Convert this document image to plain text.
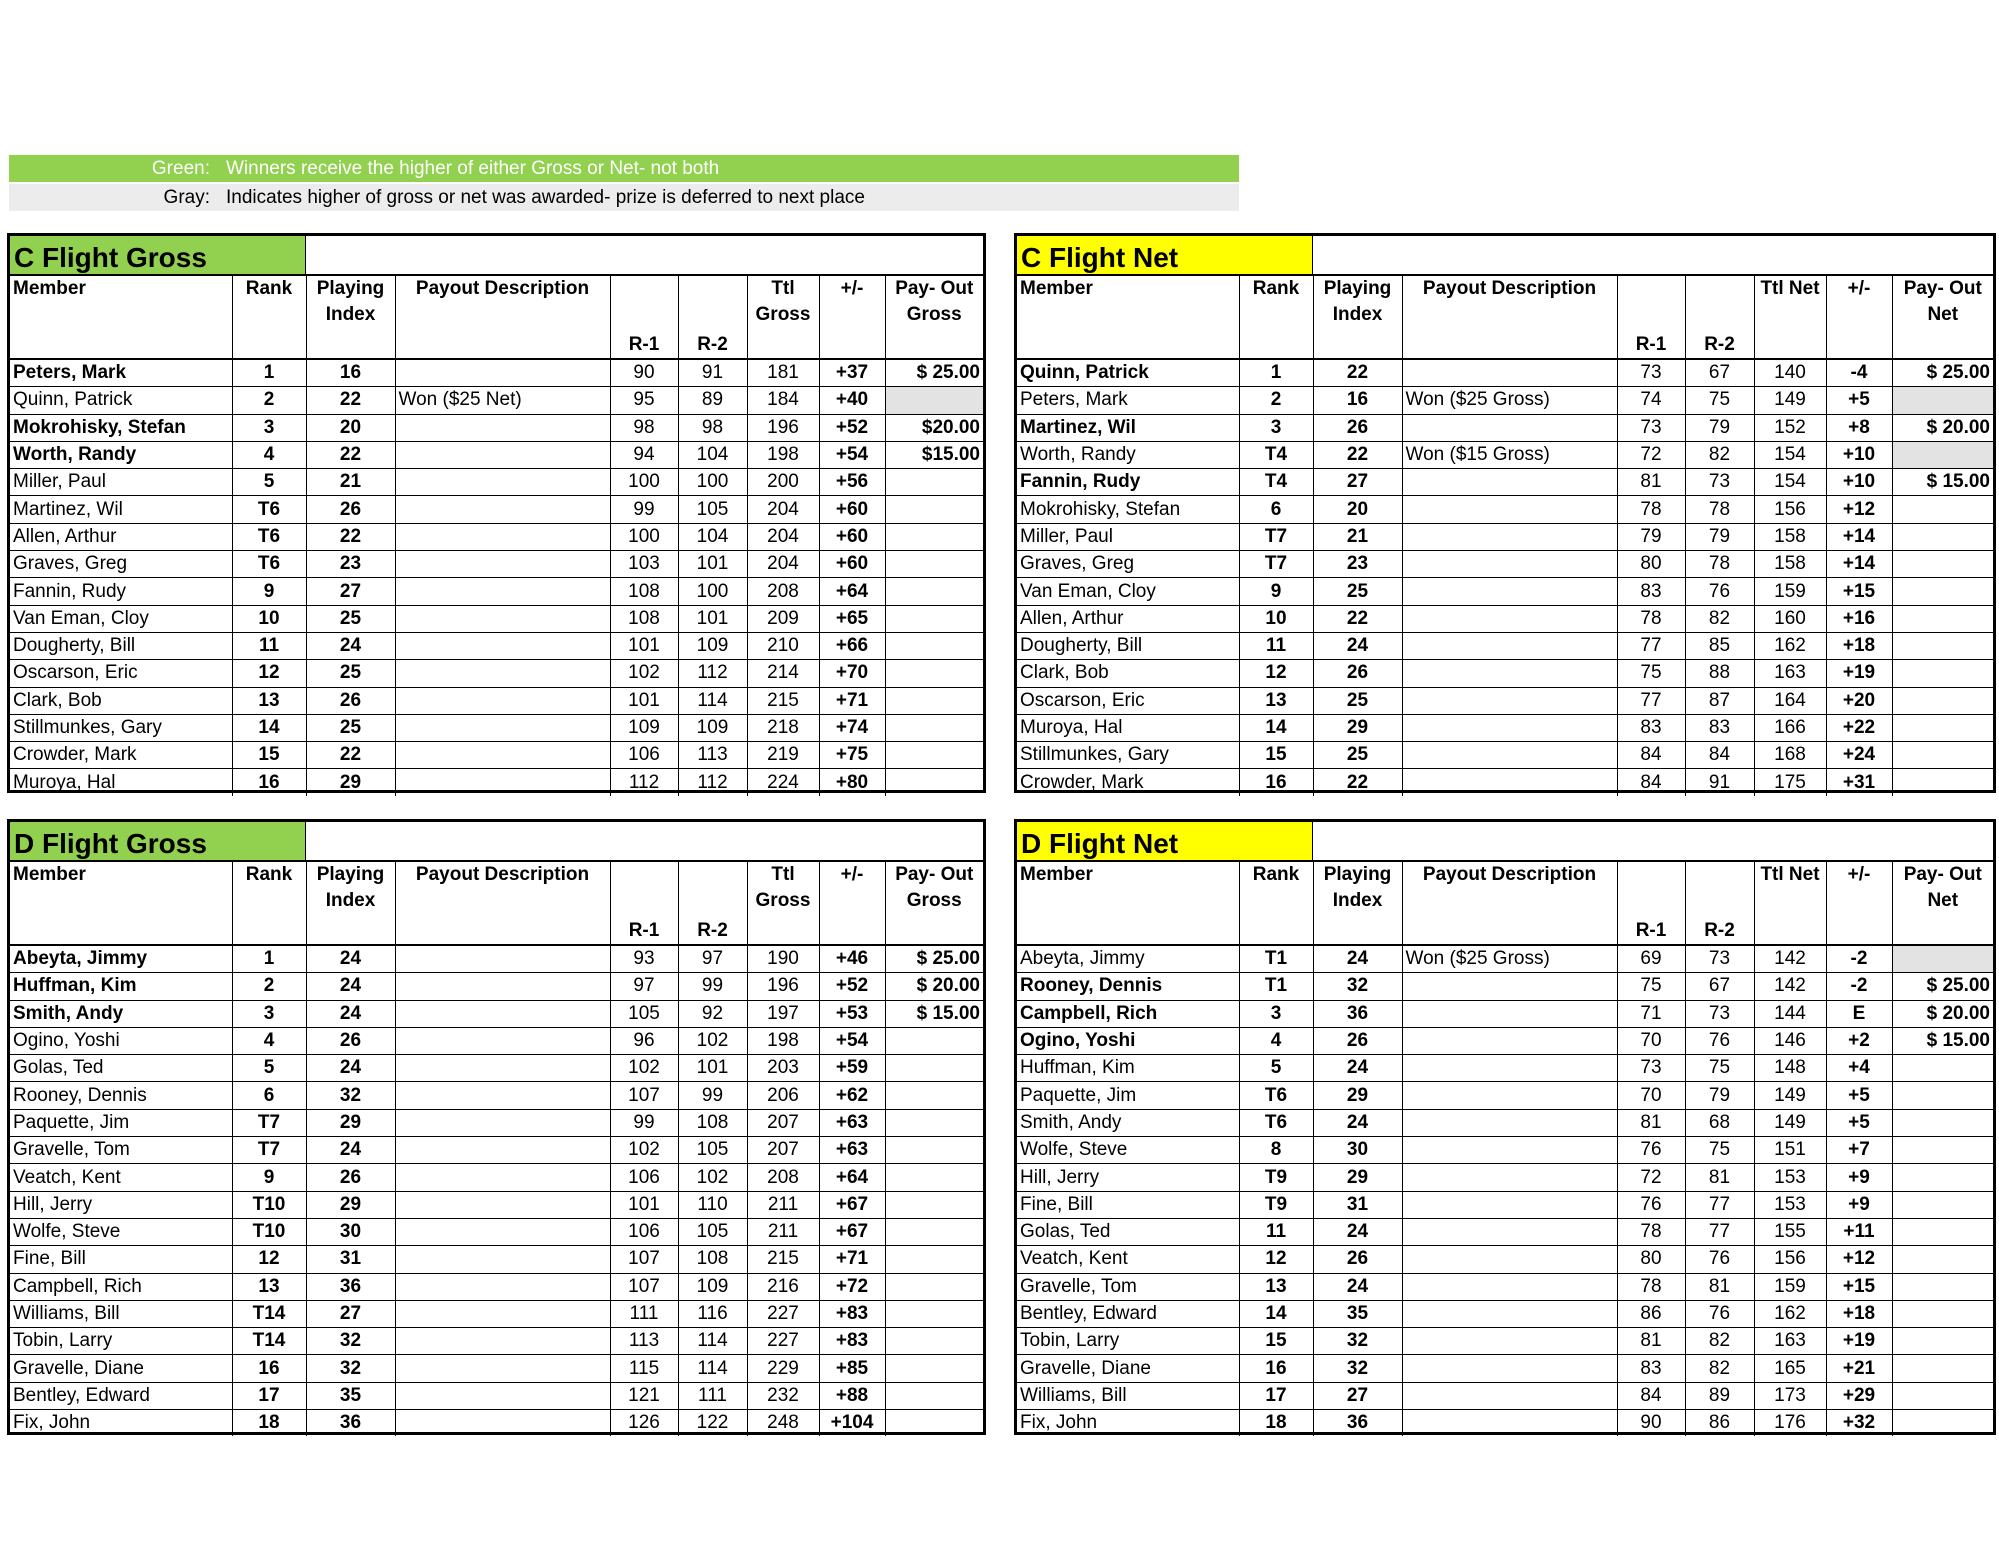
Green: Winners receive the higher of either Gross or Net- not both
Gray: Indicates higher of gross or net was awarded- prize is deferred to next place
C Flight Gross
Member	Rank	Playing Index	Payout Description	R-1	R-2	Ttl Gross	+/-	Pay- Out Gross
Peters, Mark	1	16		90	91	181	+37	$ 25.00
Quinn, Patrick	2	22	Won ($25 Net)	95	89	184	+40	
Mokrohisky, Stefan	3	20		98	98	196	+52	$20.00
Worth, Randy	4	22		94	104	198	+54	$15.00
Miller, Paul	5	21		100	100	200	+56	
Martinez, Wil	T6	26		99	105	204	+60	
Allen, Arthur	T6	22		100	104	204	+60	
Graves, Greg	T6	23		103	101	204	+60	
Fannin, Rudy	9	27		108	100	208	+64	
Van Eman, Cloy	10	25		108	101	209	+65	
Dougherty, Bill	11	24		101	109	210	+66	
Oscarson, Eric	12	25		102	112	214	+70	
Clark, Bob	13	26		101	114	215	+71	
Stillmunkes, Gary	14	25		109	109	218	+74	
Crowder, Mark	15	22		106	113	219	+75	
Muroya, Hal	16	29		112	112	224	+80	
C Flight Net
Member	Rank	Playing Index	Payout Description	R-1	R-2	Ttl Net	+/-	Pay- Out Net
Quinn, Patrick	1	22		73	67	140	-4	$ 25.00
Peters, Mark	2	16	Won ($25 Gross)	74	75	149	+5	
Martinez, Wil	3	26		73	79	152	+8	$ 20.00
Worth, Randy	T4	22	Won ($15 Gross)	72	82	154	+10	
Fannin, Rudy	T4	27		81	73	154	+10	$ 15.00
Mokrohisky, Stefan	6	20		78	78	156	+12	
Miller, Paul	T7	21		79	79	158	+14	
Graves, Greg	T7	23		80	78	158	+14	
Van Eman, Cloy	9	25		83	76	159	+15	
Allen, Arthur	10	22		78	82	160	+16	
Dougherty, Bill	11	24		77	85	162	+18	
Clark, Bob	12	26		75	88	163	+19	
Oscarson, Eric	13	25		77	87	164	+20	
Muroya, Hal	14	29		83	83	166	+22	
Stillmunkes, Gary	15	25		84	84	168	+24	
Crowder, Mark	16	22		84	91	175	+31	
D Flight Gross
Member	Rank	Playing Index	Payout Description	R-1	R-2	Ttl Gross	+/-	Pay- Out Gross
Abeyta, Jimmy	1	24		93	97	190	+46	$ 25.00
Huffman, Kim	2	24		97	99	196	+52	$ 20.00
Smith, Andy	3	24		105	92	197	+53	$ 15.00
Ogino, Yoshi	4	26		96	102	198	+54	
Golas, Ted	5	24		102	101	203	+59	
Rooney, Dennis	6	32		107	99	206	+62	
Paquette, Jim	T7	29		99	108	207	+63	
Gravelle, Tom	T7	24		102	105	207	+63	
Veatch, Kent	9	26		106	102	208	+64	
Hill, Jerry	T10	29		101	110	211	+67	
Wolfe, Steve	T10	30		106	105	211	+67	
Fine, Bill	12	31		107	108	215	+71	
Campbell, Rich	13	36		107	109	216	+72	
Williams, Bill	T14	27		111	116	227	+83	
Tobin, Larry	T14	32		113	114	227	+83	
Gravelle, Diane	16	32		115	114	229	+85	
Bentley, Edward	17	35		121	111	232	+88	
Fix, John	18	36		126	122	248	+104	
D Flight Net
Member	Rank	Playing Index	Payout Description	R-1	R-2	Ttl Net	+/-	Pay- Out Net
Abeyta, Jimmy	T1	24	Won ($25 Gross)	69	73	142	-2	
Rooney, Dennis	T1	32		75	67	142	-2	$ 25.00
Campbell, Rich	3	36		71	73	144	E	$ 20.00
Ogino, Yoshi	4	26		70	76	146	+2	$ 15.00
Huffman, Kim	5	24		73	75	148	+4	
Paquette, Jim	T6	29		70	79	149	+5	
Smith, Andy	T6	24		81	68	149	+5	
Wolfe, Steve	8	30		76	75	151	+7	
Hill, Jerry	T9	29		72	81	153	+9	
Fine, Bill	T9	31		76	77	153	+9	
Golas, Ted	11	24		78	77	155	+11	
Veatch, Kent	12	26		80	76	156	+12	
Gravelle, Tom	13	24		78	81	159	+15	
Bentley, Edward	14	35		86	76	162	+18	
Tobin, Larry	15	32		81	82	163	+19	
Gravelle, Diane	16	32		83	82	165	+21	
Williams, Bill	17	27		84	89	173	+29	
Fix, John	18	36		90	86	176	+32	
